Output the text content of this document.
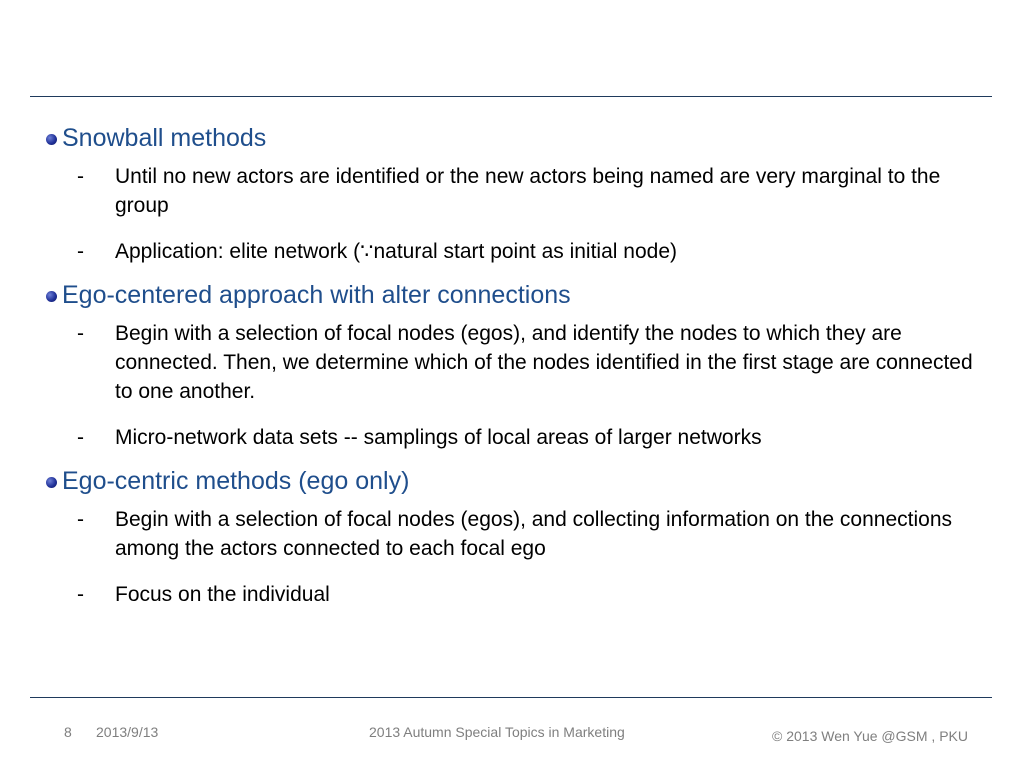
Snowball methods
- Until no new actors are identified or the new actors being named are very marginal to the group
- Application: elite network (∵natural start point as initial node)
Ego-centered approach with alter connections
- Begin with a selection of focal nodes (egos), and identify the nodes to which they are connected. Then, we determine which of the nodes identified in the first stage are connected to one another.
- Micro-network data sets -- samplings of local areas of larger networks
Ego-centric methods (ego only)
- Begin with a selection of focal nodes (egos), and collecting information on the connections among the actors connected to each focal ego
- Focus on the individual
8 2013/9/13	2013 Autumn Special Topics in Marketing	© 2013 Wen Yue @GSM , PKU
